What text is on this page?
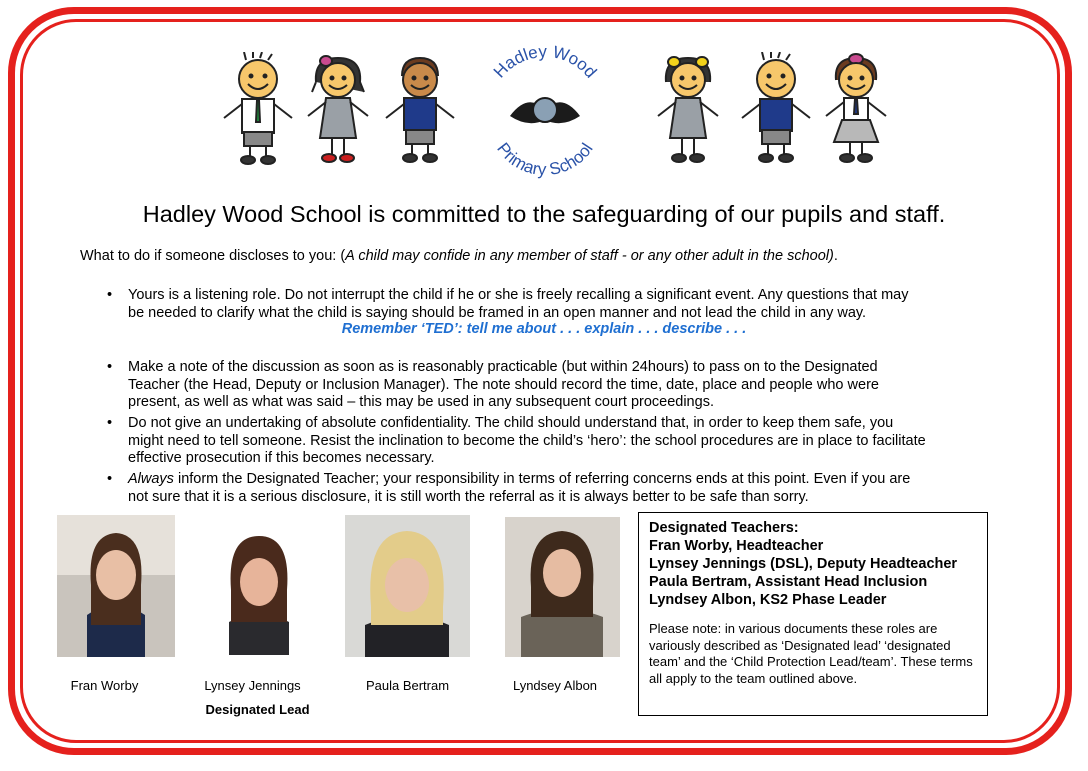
Hadley Wood
Primary School
Hadley Wood School is committed to the safeguarding of our pupils and staff.
What to do if someone discloses to you: (A child may confide in any member of staff - or any other adult in the school).
• Yours is a listening role. Do not interrupt the child if he or she is freely recalling a significant event. Any questions that may
be needed to clarify what the child is saying should be framed in an open manner and not lead the child in any way.
Remember ‘TED’: tell me about . . . explain . . . describe . . .
• Make a note of the discussion as soon as is reasonably practicable (but within 24hours) to pass on to the Designated
Teacher (the Head, Deputy or Inclusion Manager). The note should record the time, date, place and people who were
present, as well as what was said – this may be used in any subsequent court proceedings.
• Do not give an undertaking of absolute confidentiality. The child should understand that, in order to keep them safe, you
might need to tell someone. Resist the inclination to become the child’s ‘hero’: the school procedures are in place to facilitate
effective prosecution if this becomes necessary.
• Always inform the Designated Teacher; your responsibility in terms of referring concerns ends at this point. Even if you are
not sure that it is a serious disclosure, it is still worth the referral as it is always better to be safe than sorry.
Fran Worby	Lynsey Jennings
Designated Lead
Paula Bertram	Lyndsey Albon
Designated Teachers:
Fran Worby, Headteacher
Lynsey Jennings (DSL), Deputy Headteacher
Paula Bertram, Assistant Head Inclusion
Lyndsey Albon, KS2 Phase Leader
Please note: in various documents these roles are variously described as ‘Designated lead’ ‘designated team’ and the ‘Child Protection Lead/team’. These terms all apply to the team outlined above.
